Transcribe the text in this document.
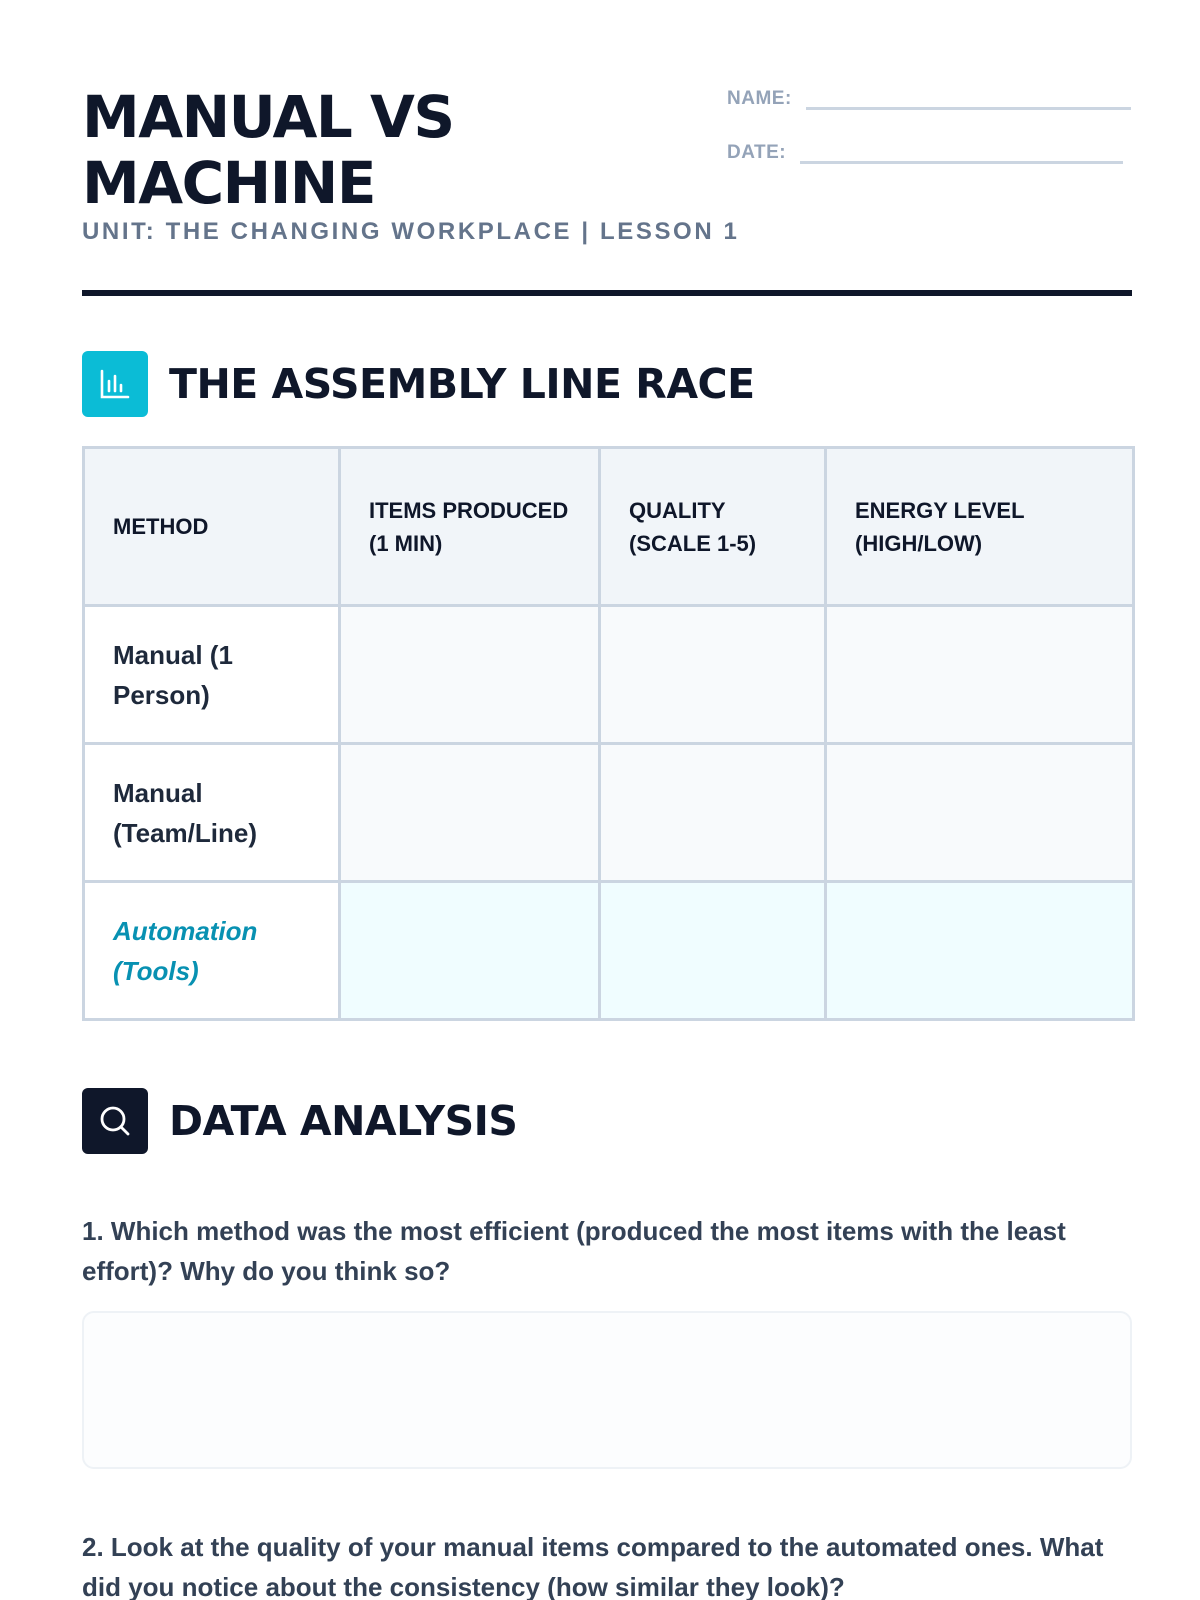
MANUAL VS MACHINE
UNIT: THE CHANGING WORKPLACE | LESSON 1
NAME:
DATE:
THE ASSEMBLY LINE RACE
METHOD	ITEMS PRODUCED (1 MIN)	QUALITY (SCALE 1-5)	ENERGY LEVEL (HIGH/LOW)
Manual (1 Person)			
Manual (Team/Line)			
Automation (Tools)			
DATA ANALYSIS

1. Which method was the most efficient (produced the most items with the least effort)? Why do you think so?

2. Look at the quality of your manual items compared to the automated ones. What did you notice about the consistency (how similar they look)?
